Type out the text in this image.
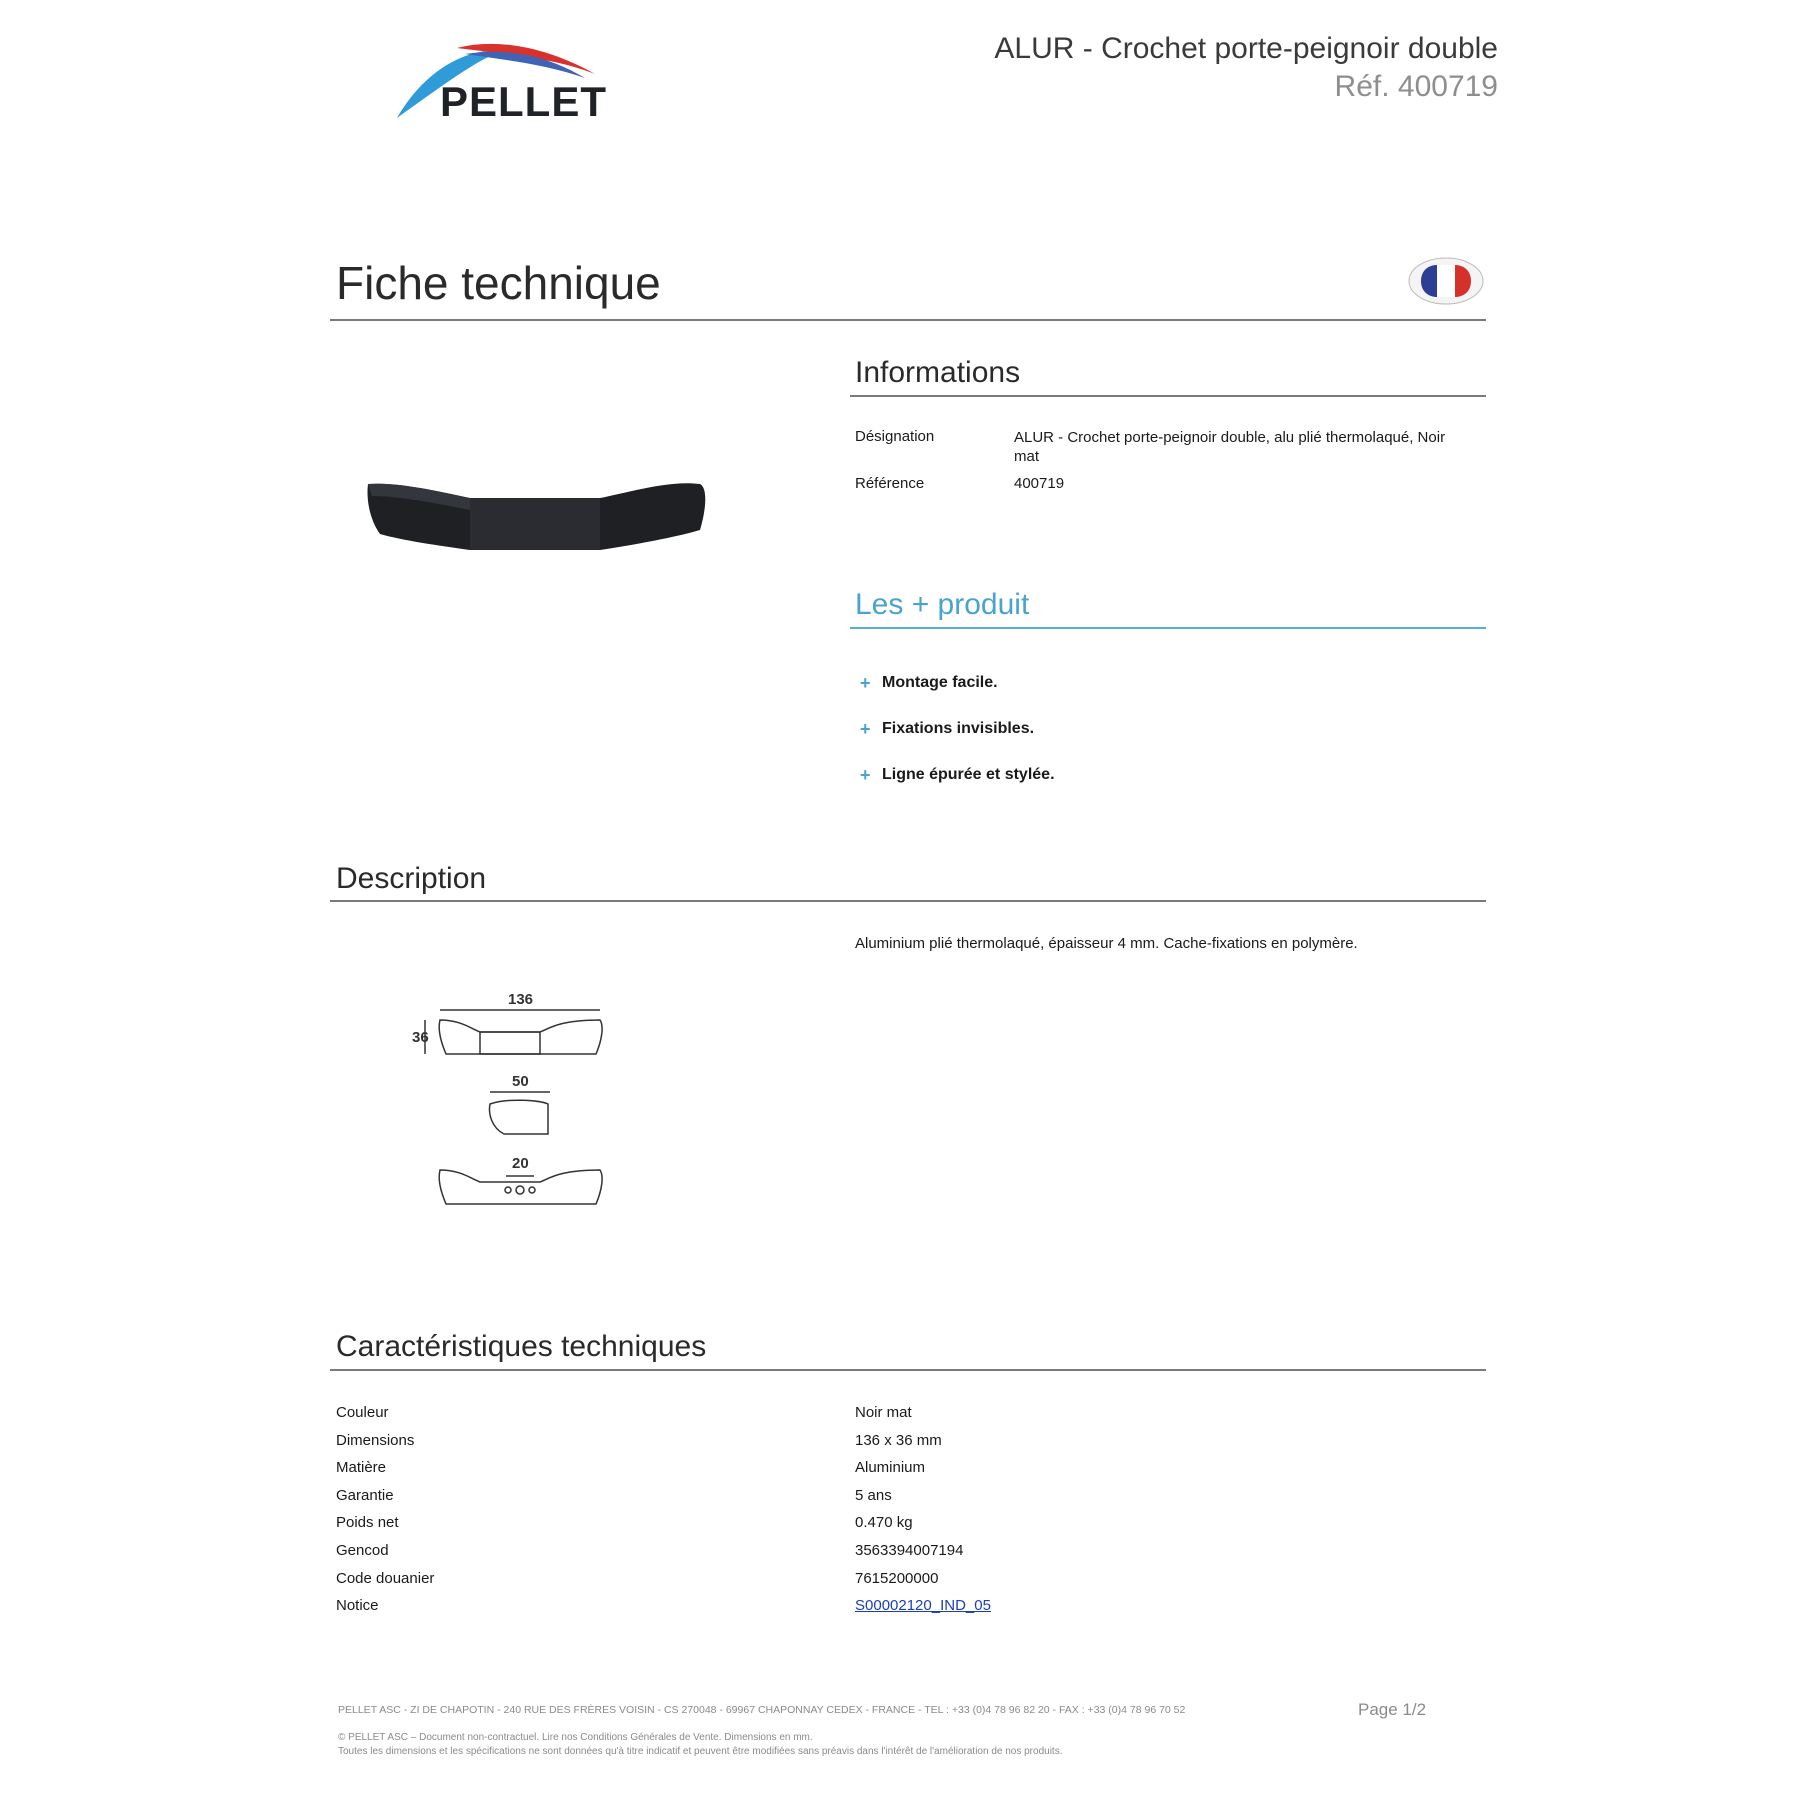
PELLET
ALUR - Crochet porte-peignoir double
Réf. 400719
Fiche technique
Informations
Désignation	ALUR - Crochet porte-peignoir double, alu plié thermolaqué, Noir mat
Référence	400719
Les + produit
+ Montage facile.
+ Fixations invisibles.
+ Ligne épurée et stylée.
Description
Aluminium plié thermolaqué, épaisseur 4 mm. Cache-fixations en polymère.
136
36
50
20
Caractéristiques techniques
Couleur	Noir mat
Dimensions	136 x 36 mm
Matière	Aluminium
Garantie	5 ans
Poids net	0.470 kg
Gencod	3563394007194
Code douanier	7615200000
Notice	S00002120_IND_05
PELLET ASC - ZI DE CHAPOTIN - 240 RUE DES FRÈRES VOISIN - CS 270048 - 69967 CHAPONNAY CEDEX - FRANCE - TEL : +33 (0)4 78 96 82 20 - FAX : +33 (0)4 78 96 70 52	Page 1/2
© PELLET ASC – Document non-contractuel. Lire nos Conditions Générales de Vente. Dimensions en mm.
Toutes les dimensions et les spécifications ne sont données qu'à titre indicatif et peuvent être modifiées sans préavis dans l'intérêt de l'amélioration de nos produits.
